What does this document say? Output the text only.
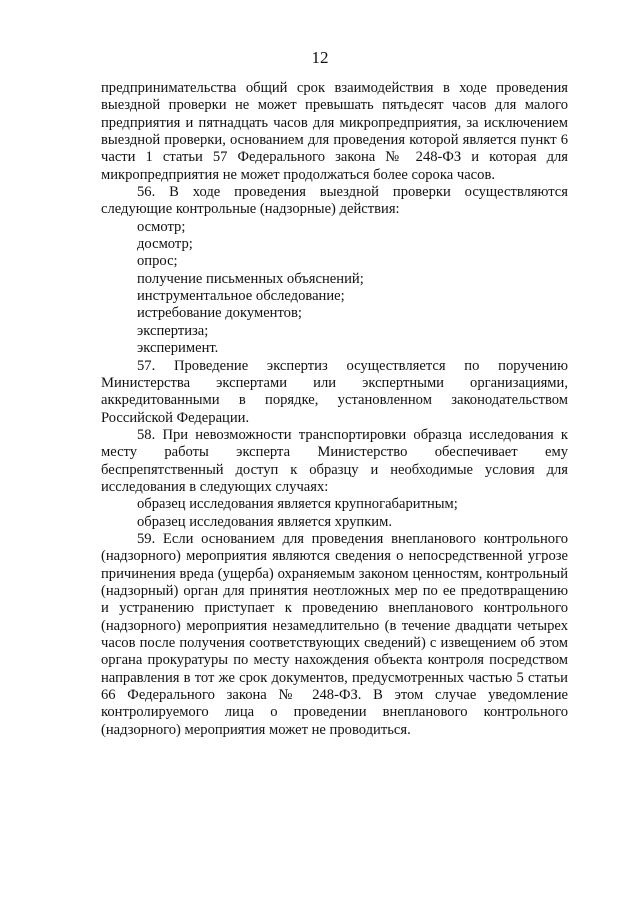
12

предпринимательства общий срок взаимодействия в ходе проведения выездной проверки не может превышать пятьдесят часов для малого предприятия и пятнадцать часов для микропредприятия, за исключением выездной проверки, основанием для проведения которой является пункт 6 части 1 статьи 57 Федерального закона № 248-ФЗ и которая для микропредприятия не может продолжаться более сорока часов.

56. В ходе проведения выездной проверки осуществляются следующие контрольные (надзорные) действия:

осмотр;
досмотр;
опрос;
получение письменных объяснений;
инструментальное обследование;
истребование документов;
экспертиза;
эксперимент.

57. Проведение экспертиз осуществляется по поручению Министерства экспертами или экспертными организациями, аккредитованными в порядке, установленном законодательством Российской Федерации.

58. При невозможности транспортировки образца исследования к месту работы эксперта Министерство обеспечивает ему беспрепятственный доступ к образцу и необходимые условия для исследования в следующих случаях:

образец исследования является крупногабаритным;
образец исследования является хрупким.

59. Если основанием для проведения внепланового контрольного (надзорного) мероприятия являются сведения о непосредственной угрозе причинения вреда (ущерба) охраняемым законом ценностям, контрольный (надзорный) орган для принятия неотложных мер по ее предотвращению и устранению приступает к проведению внепланового контрольного (надзорного) мероприятия незамедлительно (в течение двадцати четырех часов после получения соответствующих сведений) с извещением об этом органа прокуратуры по месту нахождения объекта контроля посредством направления в тот же срок документов, предусмотренных частью 5 статьи 66 Федерального закона № 248-ФЗ. В этом случае уведомление контролируемого лица о проведении внепланового контрольного (надзорного) мероприятия может не проводиться.
